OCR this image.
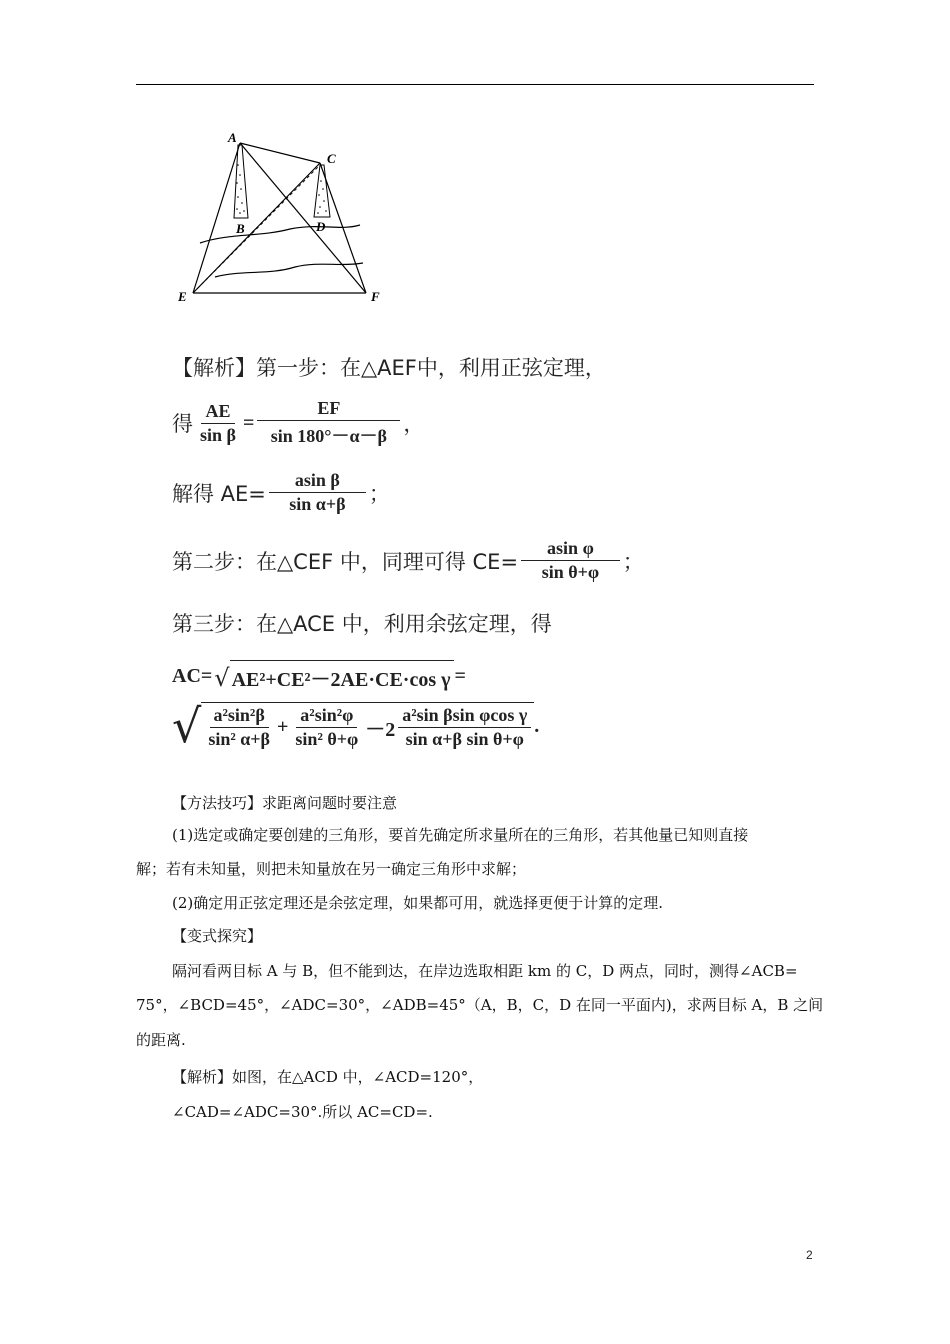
A
C
B	D
E	F
【解析】第一步：在△AEF中，利用正弦定理，
得 $\frac{AE}{\text{sin β}} = \frac{EF}{\sin 180^\circ-\alpha-\beta}$ ，
解得 $AE= \frac{\text{asin β}}{\text{sin α+β}}$ ；
第二步：在△CEF 中，同理可得 $CE= \frac{\text{asin φ}}{\text{sin θ+φ}}$ ；
第三步：在△ACE 中，利用余弦定理，得
AC= √ AE²+CE²－2AE·CE·cos γ =
√ $\frac{\text{a²sin²β}}{\text{sin² α+β}} + \frac{\text{a²sin²φ}}{\text{sin² θ+φ}} -2 \frac{\text{a²sin βsin φcos γ}}{\text{sin α+β sin θ+φ}}$ .
【方法技巧】求距离问题时要注意
(1)选定或确定要创建的三角形，要首先确定所求量所在的三角形，若其他量已知则直接
解；若有未知量，则把未知量放在另一确定三角形中求解；
(2)确定用正弦定理还是余弦定理，如果都可用，就选择更便于计算的定理.
【变式探究】
隔河看两目标 A 与 B，但不能到达，在岸边选取相距 km 的 C，D 两点，同时，测得∠ACB=
75°，∠BCD=45°，∠ADC=30°，∠ADB=45°（A，B，C，D 在同一平面内)，求两目标 A，B 之间
的距离.
【解析】如图，在△ACD 中，∠ACD=120°，
∠CAD=∠ADC=30°.所以 AC=CD=.
2
